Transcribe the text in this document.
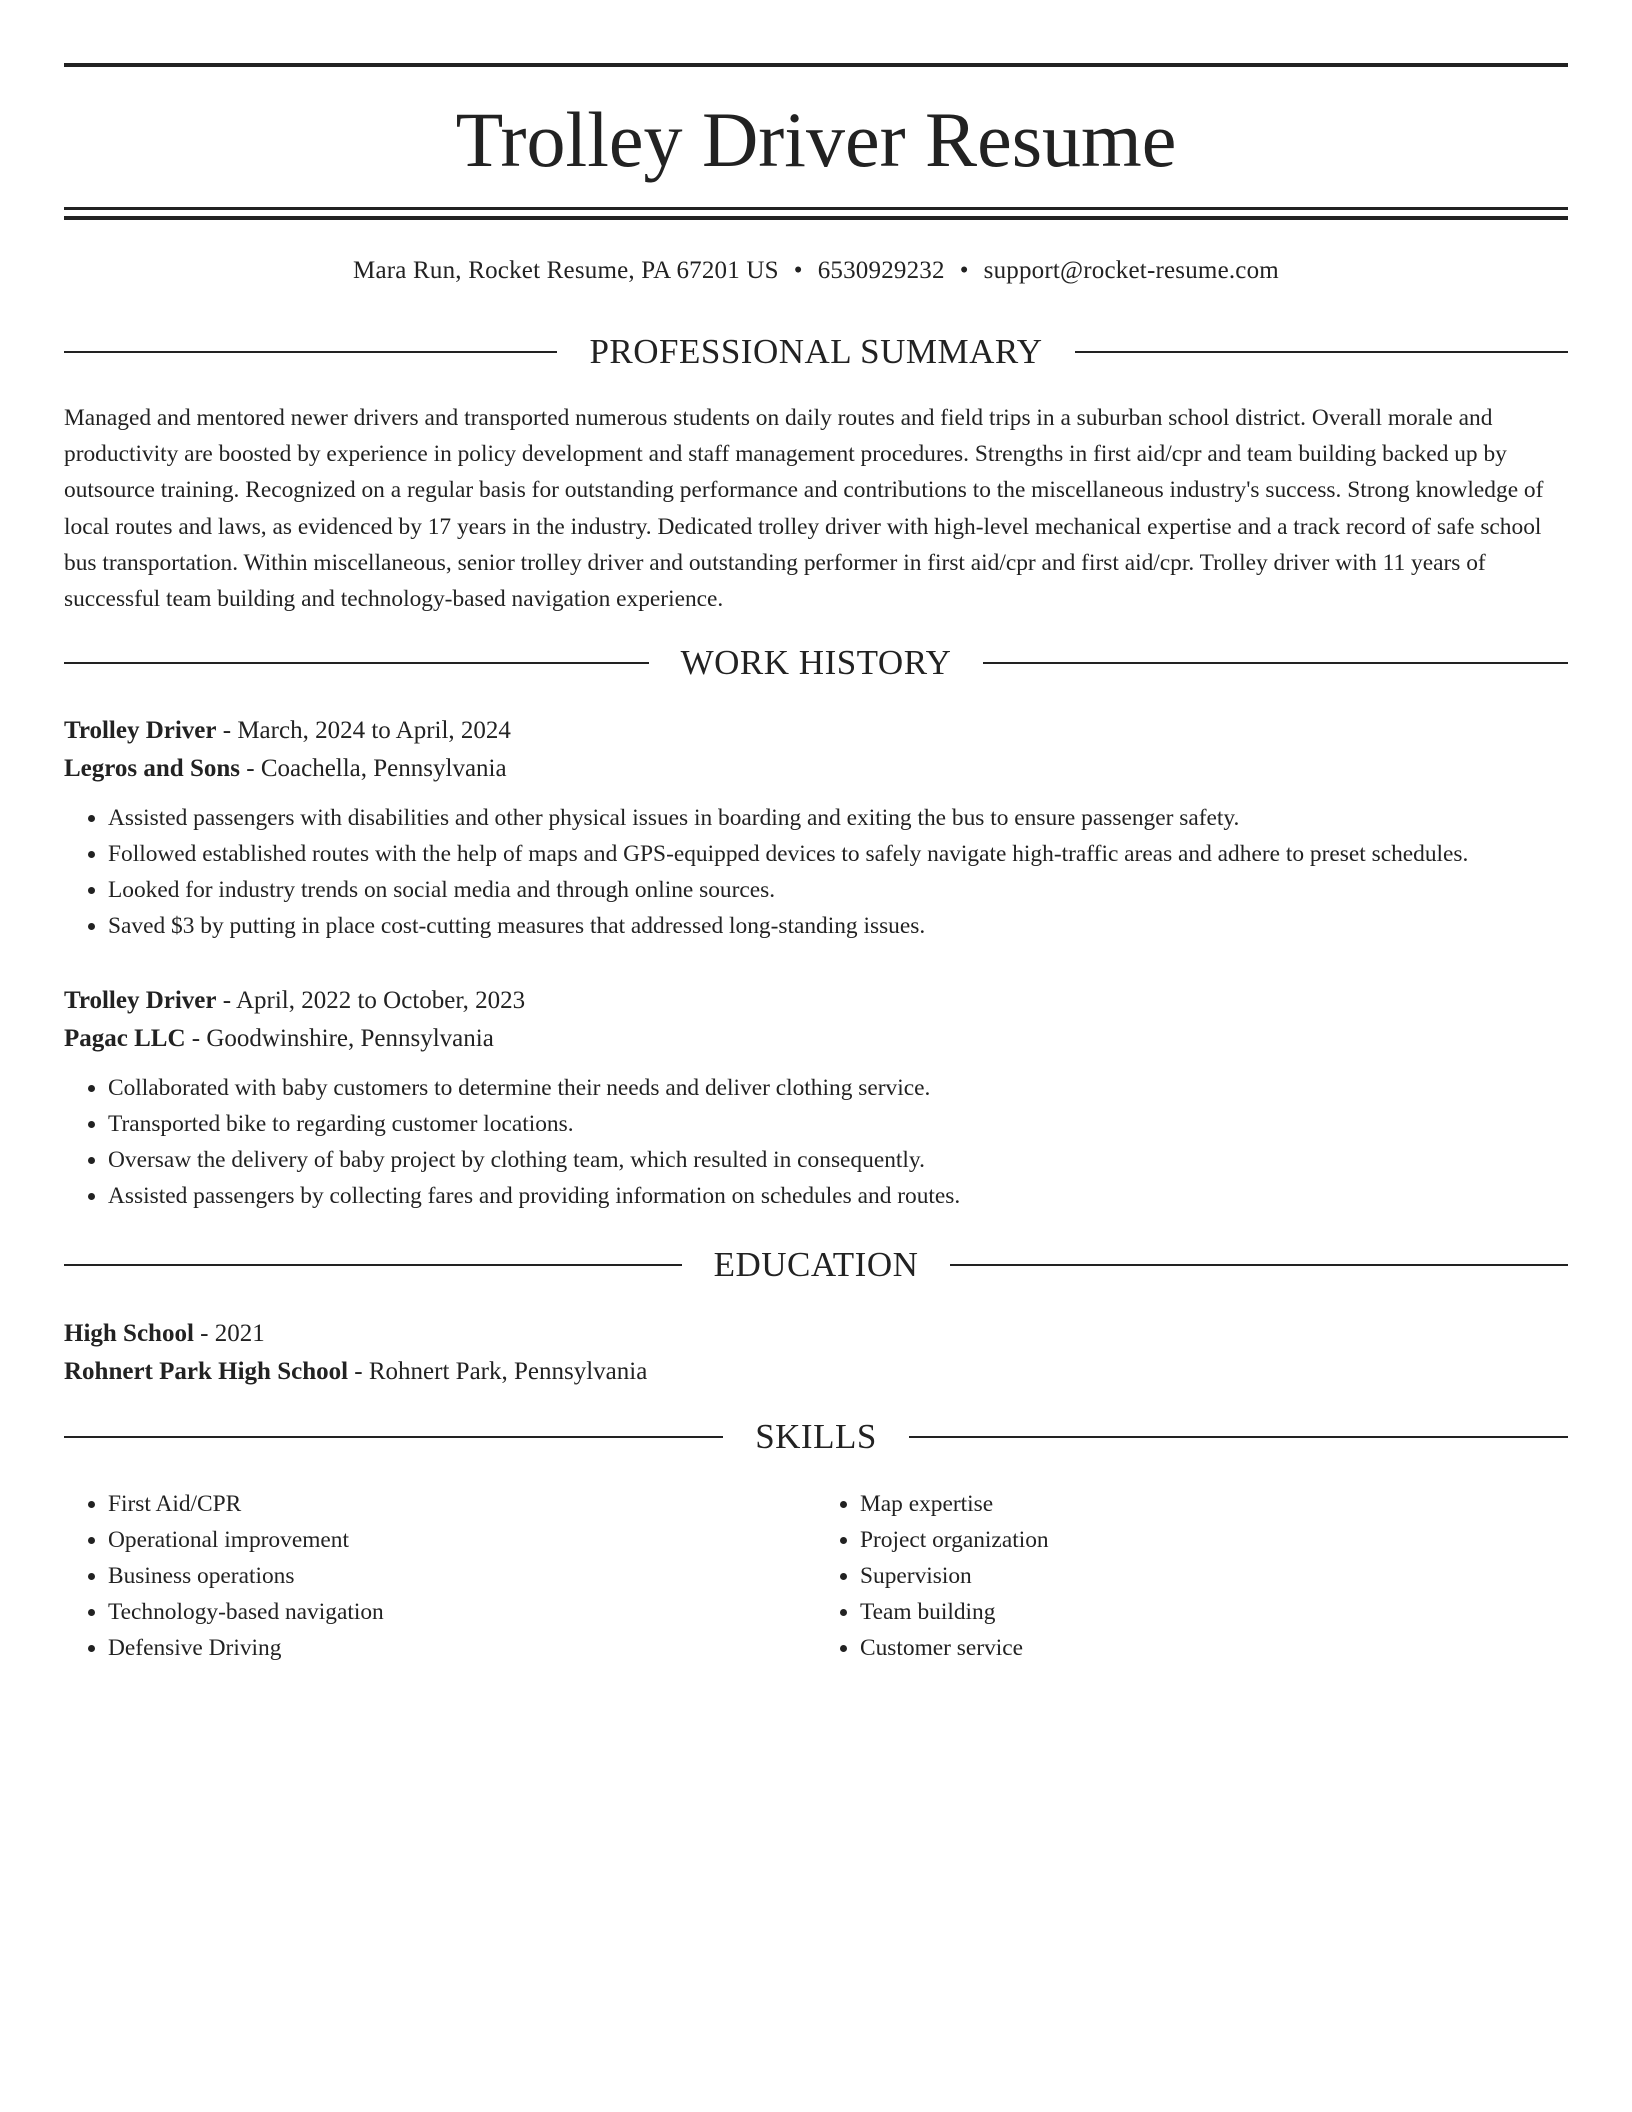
Trolley Driver Resume
Mara Run, Rocket Resume, PA 67201 US • 6530929232 • support@rocket-resume.com
PROFESSIONAL SUMMARY

Managed and mentored newer drivers and transported numerous students on daily routes and field trips in a suburban school district. Overall morale and productivity are boosted by experience in policy development and staff management procedures. Strengths in first aid/cpr and team building backed up by outsource training. Recognized on a regular basis for outstanding performance and contributions to the miscellaneous industry's success. Strong knowledge of local routes and laws, as evidenced by 17 years in the industry. Dedicated trolley driver with high-level mechanical expertise and a track record of safe school bus transportation. Within miscellaneous, senior trolley driver and outstanding performer in first aid/cpr and first aid/cpr. Trolley driver with 11 years of successful team building and technology-based navigation experience.

WORK HISTORY
Trolley Driver - March, 2024 to April, 2024
Legros and Sons - Coachella, Pennsylvania
• Assisted passengers with disabilities and other physical issues in boarding and exiting the bus to ensure passenger safety.
• Followed established routes with the help of maps and GPS-equipped devices to safely navigate high-traffic areas and adhere to preset schedules.
• Looked for industry trends on social media and through online sources.
• Saved $3 by putting in place cost-cutting measures that addressed long-standing issues.
Trolley Driver - April, 2022 to October, 2023
Pagac LLC - Goodwinshire, Pennsylvania
• Collaborated with baby customers to determine their needs and deliver clothing service.
• Transported bike to regarding customer locations.
• Oversaw the delivery of baby project by clothing team, which resulted in consequently.
• Assisted passengers by collecting fares and providing information on schedules and routes.
EDUCATION
High School - 2021
Rohnert Park High School - Rohnert Park, Pennsylvania
SKILLS
• First Aid/CPR
• Operational improvement
• Business operations
• Technology-based navigation
• Defensive Driving
• Map expertise
• Project organization
• Supervision
• Team building
• Customer service
